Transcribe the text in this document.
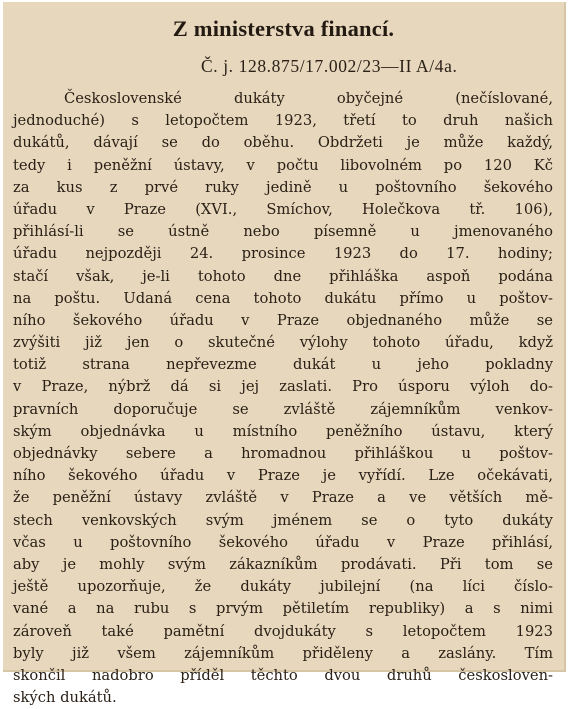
Z ministerstva financí.
Č. j. 128.875/17.002/23—II A/4a.
Československé dukáty obyčejné (nečíslované,
jednoduché) s letopočtem 1923, třetí to druh našich
dukátů, dávají se do oběhu. Obdržeti je může každý,
tedy i peněžní ústavy, v počtu libovolném po 120 Kč
za kus z prvé ruky jedině u poštovního šekového
úřadu v Praze (XVI., Smíchov, Holečkova tř. 106),
přihlásí-li se ústně nebo písemně u jmenovaného
úřadu nejpozději 24. prosince 1923 do 17. hodiny;
stačí však, je-li tohoto dne přihláška aspoň podána
na poštu. Udaná cena tohoto dukátu přímo u poštov-
ního šekového úřadu v Praze objednaného může se
zvýšiti již jen o skutečné výlohy tohoto úřadu, když
totiž strana nepřevezme dukát u jeho pokladny
v Praze, nýbrž dá si jej zaslati. Pro úsporu výloh do-
pravních doporučuje se zvláště zájemníkům venkov-
ským objednávka u místního peněžního ústavu, který
objednávky sebere a hromadnou přihláškou u poštov-
ního šekového úřadu v Praze je vyřídí. Lze očekávati,
že peněžní ústavy zvláště v Praze a ve větších mě-
stech venkovských svým jménem se o tyto dukáty
včas u poštovního šekového úřadu v Praze přihlásí,
aby je mohly svým zákazníkům prodávati. Při tom se
ještě upozorňuje, že dukáty jubilejní (na líci číslo-
vané a na rubu s prvým pětiletím republiky) a s nimi
zároveň také pamětní dvojdukáty s letopočtem 1923
byly již všem zájemníkům přiděleny a zaslány. Tím
skončil nadobro příděl těchto dvou druhů českosloven-
ských dukátů.
